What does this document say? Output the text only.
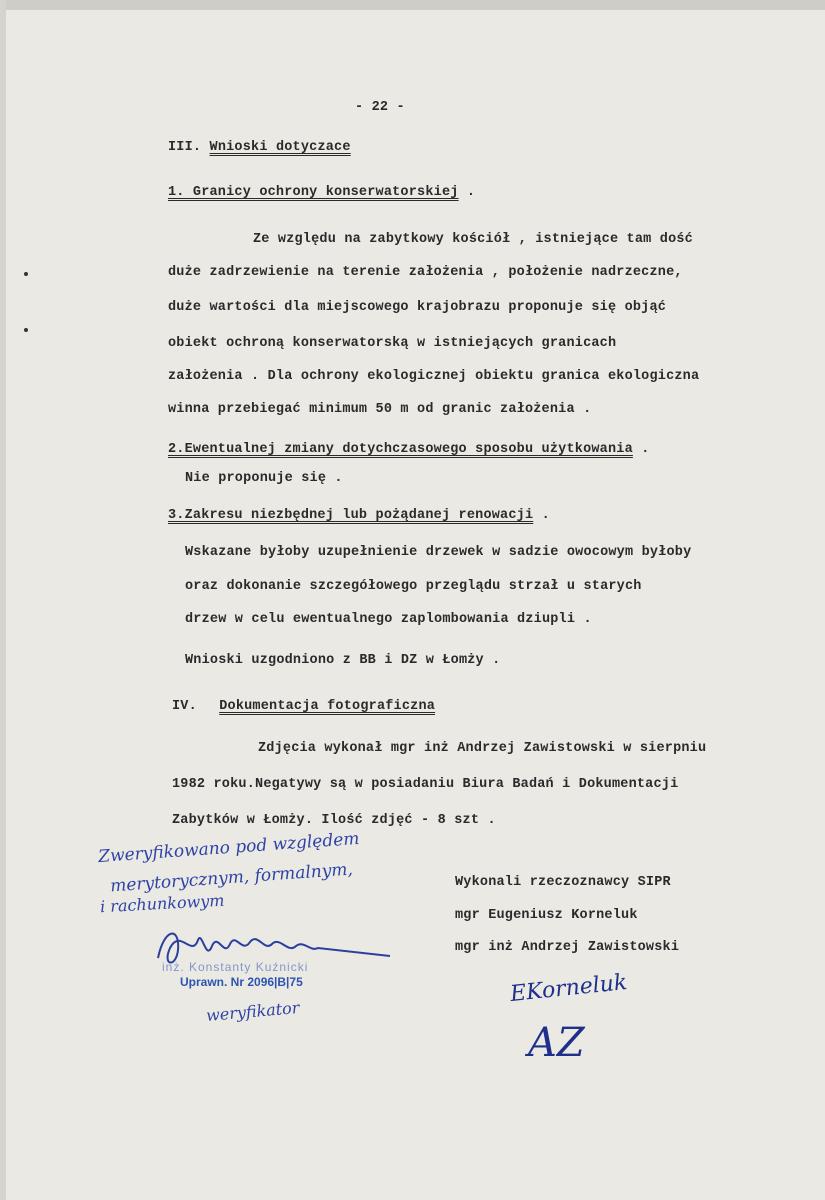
- 22 -
III. Wnioski dotyczace
1. Granicy ochrony konserwatorskiej .
Ze względu na zabytkowy kościół , istniejące tam dość
duże zadrzewienie na terenie założenia , położenie nadrzeczne,
duże wartości dla miejscowego krajobrazu proponuje się objąć
obiekt ochroną konserwatorską w istniejących granicach
założenia . Dla ochrony ekologicznej obiektu granica ekologiczna
winna przebiegać minimum 50 m od granic założenia .
2.Ewentualnej zmiany dotychczasowego sposobu użytkowania .
Nie proponuje się .
3.Zakresu niezbędnej lub pożądanej renowacji .
Wskazane byłoby uzupełnienie drzewek w sadzie owocowym byłoby
oraz dokonanie szczegółowego przeglądu strzał u starych
drzew w celu ewentualnego zaplombowania dziupli .
Wnioski uzgodniono z BB i DZ w Łomży .
IV. Dokumentacja fotograficzna
Zdjęcia wykonał mgr inż Andrzej Zawistowski w sierpniu
1982 roku.Negatywy są w posiadaniu Biura Badań i Dokumentacji
Zabytków w Łomży. Ilość zdjęć - 8 szt .
Wykonali rzeczoznawcy SIPR
mgr Eugeniusz Korneluk
mgr inż Andrzej Zawistowski
Zweryfikowano pod względem
merytorycznym, formalnym,
i rachunkowym
inż. Konstanty Kuźnicki
Uprawn. Nr 2096|B|75
weryfikator
EKorneluk
AZ
